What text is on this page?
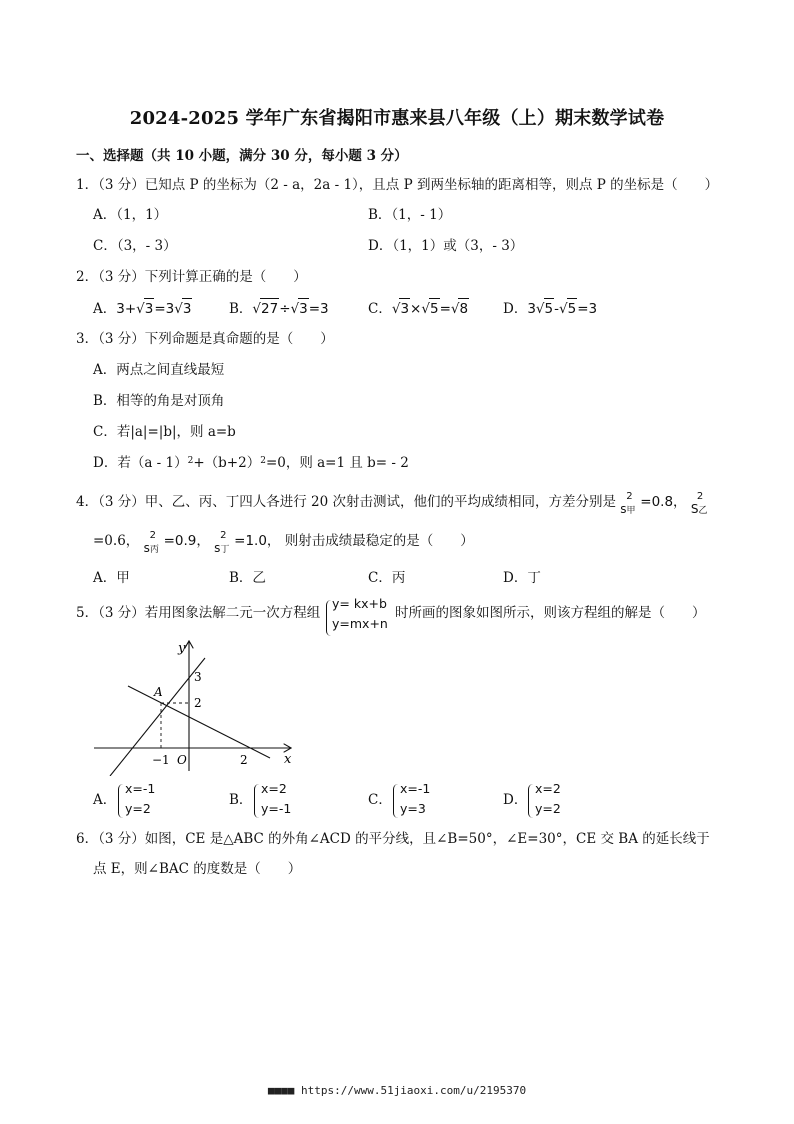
2024-2025 学年广东省揭阳市惠来县八年级（上）期末数学试卷
一、选择题（共 10 小题，满分 30 分，每小题 3 分）
1．（3 分）已知点 P 的坐标为（2 - a，2a - 1），且点 P 到两坐标轴的距离相等，则点 P 的坐标是（　　）
A．（1，1）	B．（1，- 1）
C．（3，- 3）	D．（1，1）或（3，- 3）
2．（3 分）下列计算正确的是（　　）
A．3+√3=3√3	B．√27÷√3=3	C．√3×√5=√8	D．3√5-√5=3
3．（3 分）下列命题是真命题的是（　　）
A．两点之间直线最短
B．相等的角是对顶角
C．若|a|=|b|，则 a=b
D．若$(a - 1)^2+(b+2)^2=0$，则 a=1 且 b= - 2
4．（3 分）甲、乙、丙、丁四人各进行 20 次射击测试，他们的平均成绩相同，方差分别是 2
s甲
=0.8， 2
S乙
=0.6， 2
s丙
=0.9， 2
s丁
=1.0， 则射击成绩最稳定的是（　　）
A．甲	B．乙	C．丙	D．丁
5．（3 分）若用图象法解二元一次方程组
y= kx+b
y=mx+n
时所画的图象如图所示，则该方程组的解是（　　）
y
x
O
A
3
2
−1	2
A．
x=-1
y=2
B．
x=2
y=-1
C．
x=-1
y=3
D．
x=2
y=2
6．（3 分）如图，CE 是△ABC 的外角∠ACD 的平分线，且∠B=50°，∠E=30°，CE 交 BA 的延长线于
点 E，则∠BAC 的度数是（　　）
■■■■ https://www.51jiaoxi.com/u/2195370
